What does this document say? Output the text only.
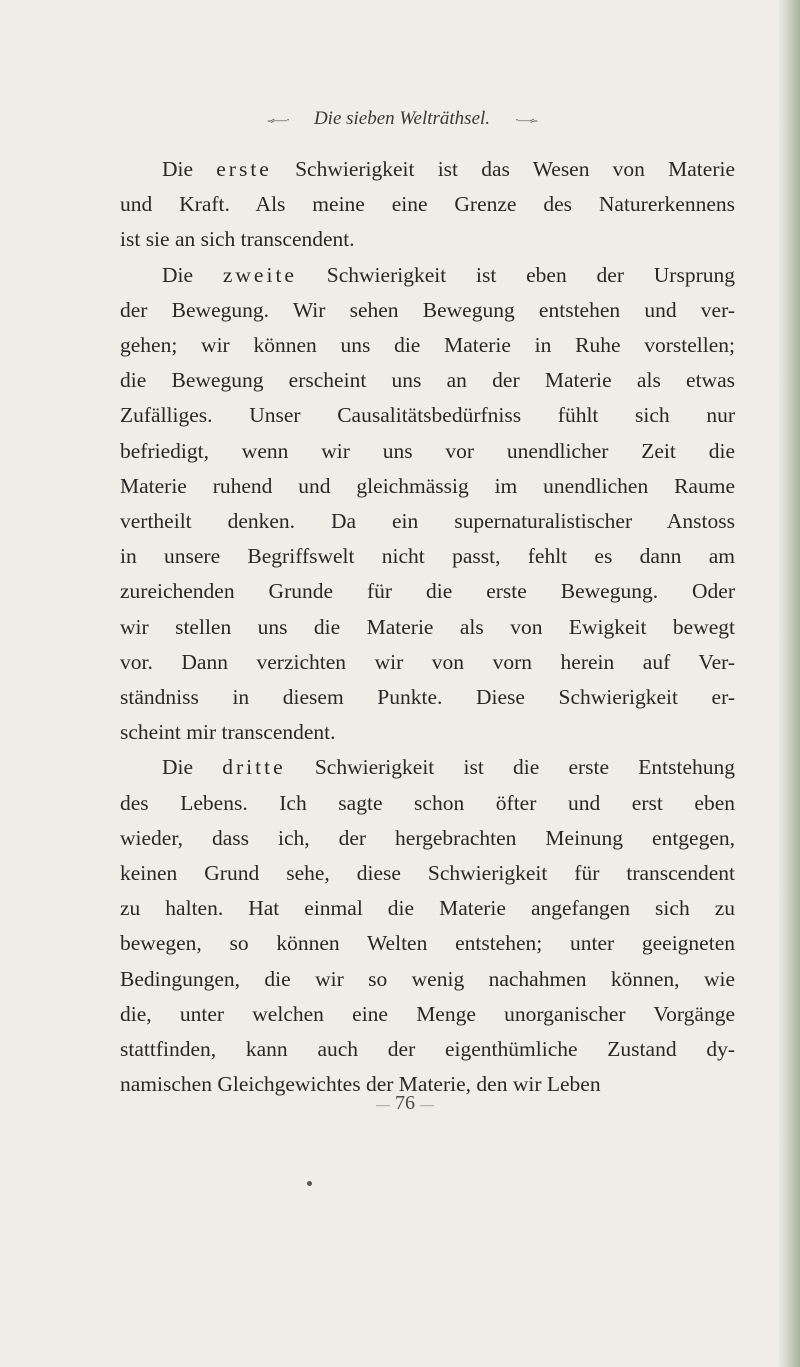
-⸗—· Die sieben Welträthsel. ·—⸗-

Die erste Schwierigkeit ist das Wesen von Materie
und Kraft. Als meine eine Grenze des Naturerkennens
ist sie an sich transcendent.

Die zweite Schwierigkeit ist eben der Ursprung
der Bewegung. Wir sehen Bewegung entstehen und ver-
gehen; wir können uns die Materie in Ruhe vorstellen;
die Bewegung erscheint uns an der Materie als etwas
Zufälliges. Unser Causalitätsbedürfniss fühlt sich nur
befriedigt, wenn wir uns vor unendlicher Zeit die
Materie ruhend und gleichmässig im unendlichen Raume
vertheilt denken. Da ein supernaturalistischer Anstoss
in unsere Begriffswelt nicht passt, fehlt es dann am
zureichenden Grunde für die erste Bewegung. Oder
wir stellen uns die Materie als von Ewigkeit bewegt
vor. Dann verzichten wir von vorn herein auf Ver-
ständniss in diesem Punkte. Diese Schwierigkeit er-
scheint mir transcendent.

Die dritte Schwierigkeit ist die erste Entstehung
des Lebens. Ich sagte schon öfter und erst eben
wieder, dass ich, der hergebrachten Meinung entgegen,
keinen Grund sehe, diese Schwierigkeit für transcendent
zu halten. Hat einmal die Materie angefangen sich zu
bewegen, so können Welten entstehen; unter geeigneten
Bedingungen, die wir so wenig nachahmen können, wie
die, unter welchen eine Menge unorganischer Vorgänge
stattfinden, kann auch der eigenthümliche Zustand dy-
namischen Gleichgewichtes der Materie, den wir Leben

— 76 —
